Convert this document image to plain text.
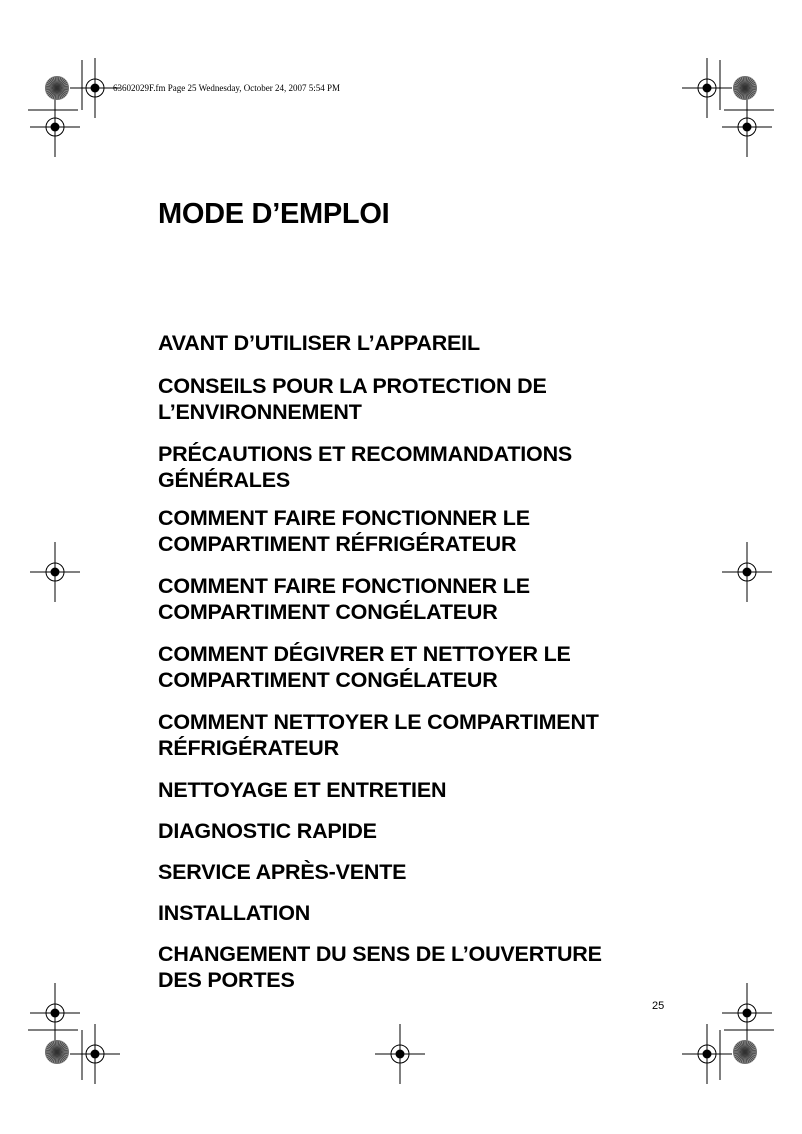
63602029F.fm Page 25 Wednesday, October 24, 2007 5:54 PM
MODE D’EMPLOI
AVANT D’UTILISER L’APPAREIL
CONSEILS POUR LA PROTECTION DE
L’ENVIRONNEMENT
PRÉCAUTIONS ET RECOMMANDATIONS
GÉNÉRALES
COMMENT FAIRE FONCTIONNER LE
COMPARTIMENT RÉFRIGÉRATEUR
COMMENT FAIRE FONCTIONNER LE
COMPARTIMENT CONGÉLATEUR
COMMENT DÉGIVRER ET NETTOYER LE
COMPARTIMENT CONGÉLATEUR
COMMENT NETTOYER LE COMPARTIMENT
RÉFRIGÉRATEUR
NETTOYAGE ET ENTRETIEN
DIAGNOSTIC RAPIDE
SERVICE APRÈS-VENTE
INSTALLATION
CHANGEMENT DU SENS DE L’OUVERTURE
DES PORTES
25
